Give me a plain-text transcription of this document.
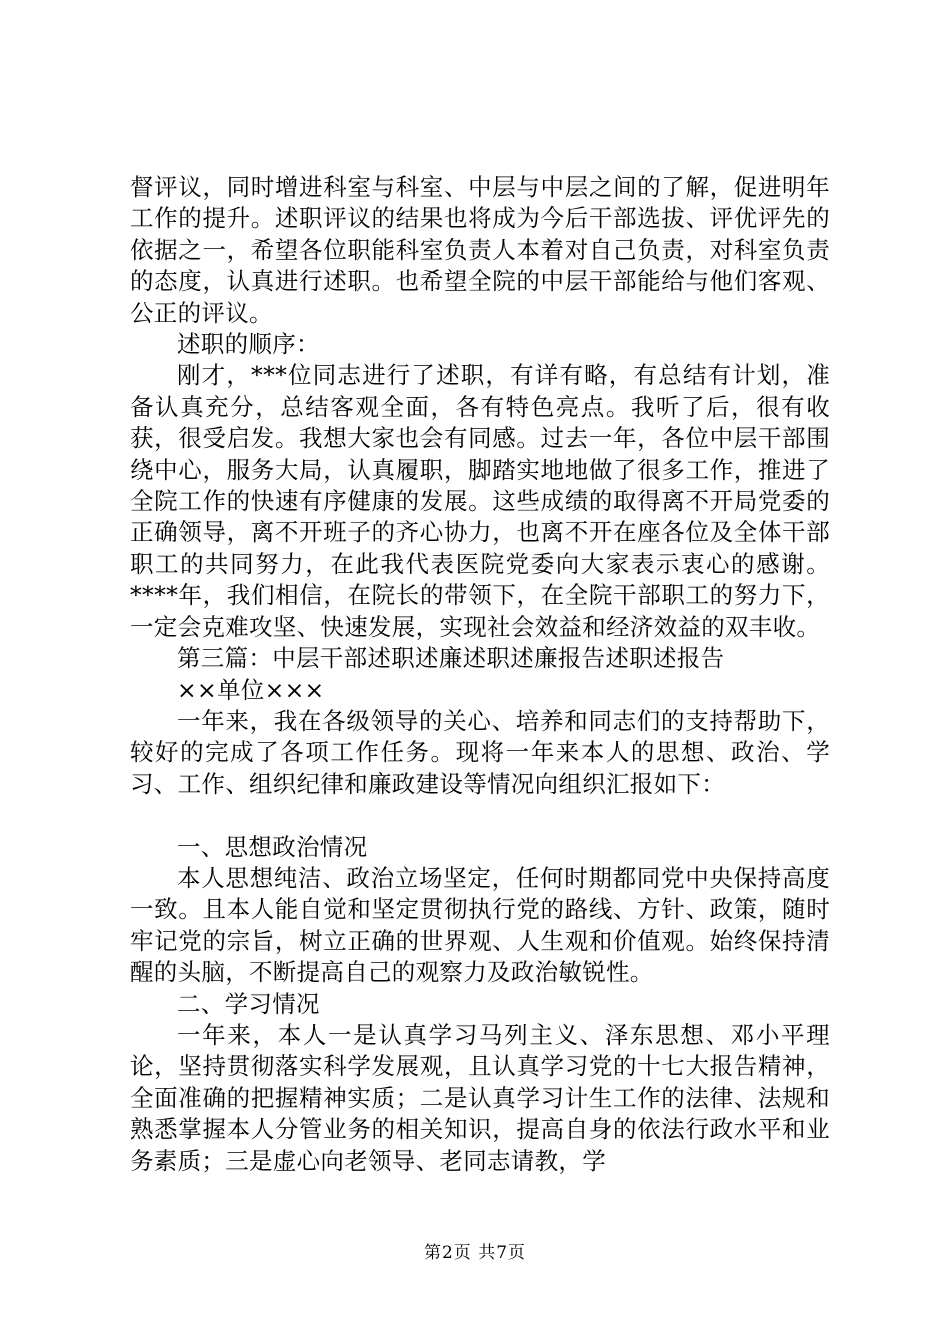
督评议，同时增进科室与科室、中层与中层之间的了解，促进明年工作的提升。述职评议的结果也将成为今后干部选拔、评优评先的依据之一，希望各位职能科室负责人本着对自己负责，对科室负责的态度，认真进行述职。也希望全院的中层干部能给与他们客观、公正的评议。

述职的顺序：

刚才，***位同志进行了述职，有详有略，有总结有计划，准备认真充分，总结客观全面，各有特色亮点。我听了后，很有收获，很受启发。我想大家也会有同感。过去一年，各位中层干部围绕中心，服务大局，认真履职，脚踏实地地做了很多工作，推进了全院工作的快速有序健康的发展。这些成绩的取得离不开局党委的正确领导，离不开班子的齐心协力，也离不开在座各位及全体干部职工的共同努力，在此我代表医院党委向大家表示衷心的感谢。****年，我们相信，在院长的带领下，在全院干部职工的努力下，一定会克难攻坚、快速发展，实现社会效益和经济效益的双丰收。

第三篇：中层干部述职述廉述职述廉报告述职述报告

××单位×××

一年来，我在各级领导的关心、培养和同志们的支持帮助下，较好的完成了各项工作任务。现将一年来本人的思想、政治、学习、工作、组织纪律和廉政建设等情况向组织汇报如下：

一、思想政治情况

本人思想纯洁、政治立场坚定，任何时期都同党中央保持高度一致。且本人能自觉和坚定贯彻执行党的路线、方针、政策，随时牢记党的宗旨，树立正确的世界观、人生观和价值观。始终保持清醒的头脑，不断提高自己的观察力及政治敏锐性。

二、学习情况

一年来，本人一是认真学习马列主义、泽东思想、邓小平理论，坚持贯彻落实科学发展观，且认真学习党的十七大报告精神，全面准确的把握精神实质；二是认真学习计生工作的法律、法规和熟悉掌握本人分管业务的相关知识，提高自身的依法行政水平和业务素质；三是虚心向老领导、老同志请教，学

第2页 共7页
